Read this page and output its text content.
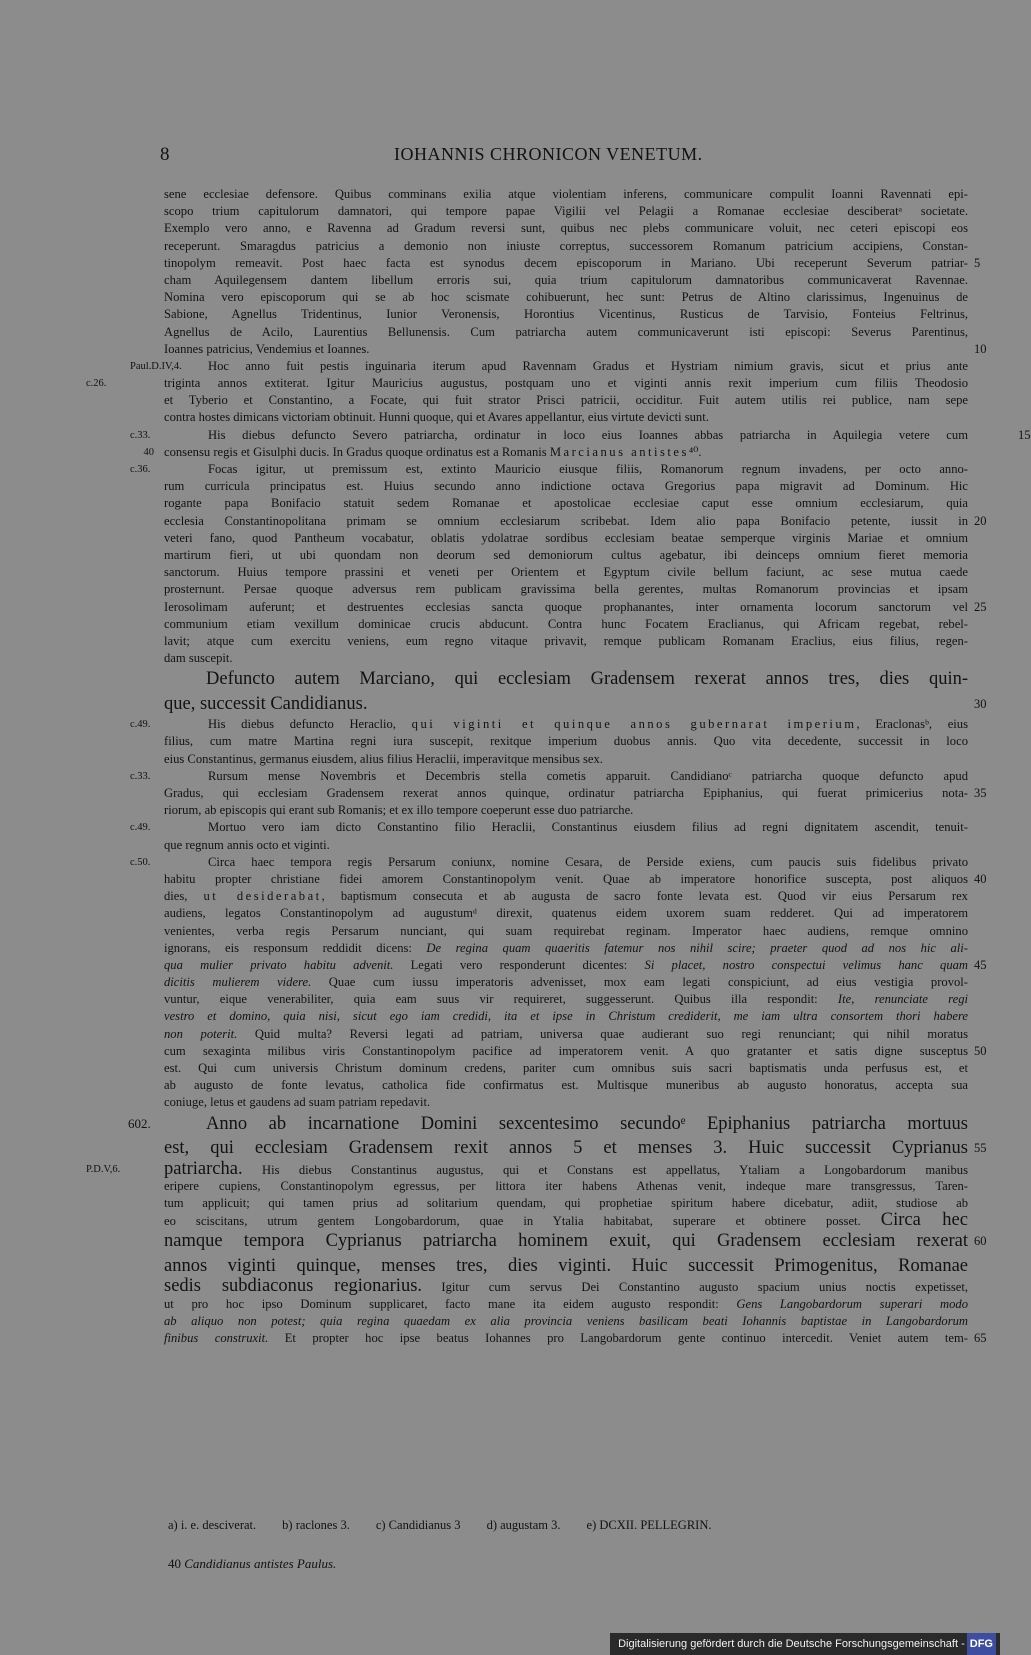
8	IOHANNIS CHRONICON VENETUM.
sene ecclesiae defensore. Quibus comminans exilia atque violentiam inferens, communicare compulit Ioanni Ravennati epi-
scopo trium capitulorum damnatori, qui tempore papae Vigilii vel Pelagii a Romanae ecclesiae desciberatᵃ societate.
Exemplo vero anno, e Ravenna ad Gradum reversi sunt, quibus nec plebs communicare voluit, nec ceteri episcopi eos
receperunt. Smaragdus patricius a demonio non iniuste correptus, successorem Romanum patricium accipiens, Constan-
tinopolym remeavit. Post haec facta est synodus decem episcoporum in Mariano. Ubi receperunt Severum patriar- 5
cham Aquilegensem dantem libellum erroris sui, quia trium capitulorum damnatoribus communicaverat Ravennae.
Nomina vero episcoporum qui se ab hoc scismate cohibuerunt, hec sunt: Petrus de Altino clarissimus, Ingenuinus de
Sabione, Agnellus Tridentinus, Iunior Veronensis, Horontius Vicentinus, Rusticus de Tarvisio, Fonteius Feltrinus,
Agnellus de Acilo, Laurentius Bellunensis. Cum patriarcha autem communicaverunt isti episcopi: Severus Parentinus,
Ioannes patricius, Vendemius et Ioannes.	10
Hoc anno fuit pestis inguinaria iterum apud Ravennam Gradus et Hystriam nimium gravis, sicut et prius ante
Paul.D.IV,4.
triginta annos extiterat. Igitur Mauricius augustus, postquam uno et viginti annis rexit imperium cum filiis Theodosio
c.26.
et Tyberio et Constantino, a Focate, qui fuit strator Prisci patricii, occiditur. Fuit autem utilis rei publice, nam sepe
contra hostes dimicans victoriam obtinuit. Hunni quoque, qui et Avares appellantur, eius virtute devicti sunt.
His diebus defuncto Severo patriarcha, ordinatur in loco eius Ioannes abbas patriarcha in Aquilegia vetere cum
c.33.	15
consensu regis et Gisulphi ducis. In Gradus quoque ordinatus est a Romanis Marcianus antistes⁴⁰.
40
Focas igitur, ut premissum est, extinto Mauricio eiusque filiis, Romanorum regnum invadens, per octo anno-
c.36.
rum curricula principatus est. Huius secundo anno indictione octava Gregorius papa migravit ad Dominum. Hic
rogante papa Bonifacio statuit sedem Romanae et apostolicae ecclesiae caput esse omnium ecclesiarum, quia
ecclesia Constantinopolitana primam se omnium ecclesiarum scribebat. Idem alio papa Bonifacio petente, iussit in 20
veteri fano, quod Pantheum vocabatur, oblatis ydolatrae sordibus ecclesiam beatae semperque virginis Mariae et omnium
martirum fieri, ut ubi quondam non deorum sed demoniorum cultus agebatur, ibi deinceps omnium fieret memoria
sanctorum. Huius tempore prassini et veneti per Orientem et Egyptum civile bellum faciunt, ac sese mutua caede
prosternunt. Persae quoque adversus rem publicam gravissima bella gerentes, multas Romanorum provincias et ipsam
Ierosolimam auferunt; et destruentes ecclesias sancta quoque prophanantes, inter ornamenta locorum sanctorum vel 25
communium etiam vexillum dominicae crucis abducunt. Contra hunc Focatem Eraclianus, qui Africam regebat, rebel-
lavit; atque cum exercitu veniens, eum regno vitaque privavit, remque publicam Romanam Eraclius, eius filius, regen-
dam suscepit.
Defuncto autem Marciano, qui ecclesiam Gradensem rexerat annos tres, dies quin-
que, successit Candidianus.	30
His diebus defuncto Heraclio, qui viginti et quinque annos gubernarat imperium, Eraclonasᵇ, eius
c.49.
filius, cum matre Martina regni iura suscepit, rexitque imperium duobus annis. Quo vita decedente, successit in loco
eius Constantinus, germanus eiusdem, alius filius Heraclii, imperavitque mensibus sex.
Rursum mense Novembris et Decembris stella cometis apparuit. Candidianoᶜ patriarcha quoque defuncto apud
c.33.
Gradus, qui ecclesiam Gradensem rexerat annos quinque, ordinatur patriarcha Epiphanius, qui fuerat primicerius nota- 35
riorum, ab episcopis qui erant sub Romanis; et ex illo tempore coeperunt esse duo patriarche.
Mortuo vero iam dicto Constantino filio Heraclii, Constantinus eiusdem filius ad regni dignitatem ascendit, tenuit-
c.49.
que regnum annis octo et viginti.
Circa haec tempora regis Persarum coniunx, nomine Cesara, de Perside exiens, cum paucis suis fidelibus privato
c.50.
habitu propter christiane fidei amorem Constantinopolym venit. Quae ab imperatore honorifice suscepta, post aliquos 40
dies, ut desiderabat, baptismum consecuta et ab augusta de sacro fonte levata est. Quod vir eius Persarum rex
audiens, legatos Constantinopolym ad augustumᵈ direxit, quatenus eidem uxorem suam redderet. Qui ad imperatorem
venientes, verba regis Persarum nunciant, qui suam requirebat reginam. Imperator haec audiens, remque omnino
ignorans, eis responsum reddidit dicens: De regina quam quaeritis fatemur nos nihil scire; praeter quod ad nos hic ali-
qua mulier privato habitu advenit. Legati vero responderunt dicentes: Si placet, nostro conspectui velimus hanc quam 45
dicitis mulierem videre. Quae cum iussu imperatoris advenisset, mox eam legati conspiciunt, ad eius vestigia provol-
vuntur, eique venerabiliter, quia eam suus vir requireret, suggesserunt. Quibus illa respondit: Ite, renunciate regi
vestro et domino, quia nisi, sicut ego iam credidi, ita et ipse in Christum crediderit, me iam ultra consortem thori habere
non poterit. Quid multa? Reversi legati ad patriam, universa quae audierant suo regi renunciant; qui nihil moratus
cum sexaginta milibus viris Constantinopolym pacifice ad imperatorem venit. A quo gratanter et satis digne susceptus 50
est. Qui cum universis Christum dominum credens, pariter cum omnibus suis sacri baptismatis unda perfusus est, et
ab augusto de fonte levatus, catholica fide confirmatus est. Multisque muneribus ab augusto honoratus, accepta sua
coniuge, letus et gaudens ad suam patriam repedavit.
Anno ab incarnatione Domini sexcentesimo secundoᵉ Epiphanius patriarcha mortuus
602.
est, qui ecclesiam Gradensem rexit annos 5 et menses 3. Huic successit Cyprianus 55
patriarcha. His diebus Constantinus augustus, qui et Constans est appellatus, Ytaliam a Longobardorum manibus
P.D.V,6.
eripere cupiens, Constantinopolym egressus, per littora iter habens Athenas venit, indeque mare transgressus, Taren-
tum applicuit; qui tamen prius ad solitarium quendam, qui prophetiae spiritum habere dicebatur, adiit, studiose ab
eo sciscitans, utrum gentem Longobardorum, quae in Ytalia habitabat, superare et obtinere posset. Circa hec
namque tempora Cyprianus patriarcha hominem exuit, qui Gradensem ecclesiam rexerat 60
annos viginti quinque, menses tres, dies viginti. Huic successit Primogenitus, Romanae
sedis subdiaconus regionarius. Igitur cum servus Dei Constantino augusto spacium unius noctis expetisset,
ut pro hoc ipso Dominum supplicaret, facto mane ita eidem augusto respondit: Gens Langobardorum superari modo
ab aliquo non potest; quia regina quaedam ex alia provincia veniens basilicam beati Iohannis baptistae in Langobardorum
finibus construxit. Et propter hoc ipse beatus Iohannes pro Langobardorum gente continuo intercedit. Veniet autem tem- 65
a) i. e. desciverat. b) raclones 3. c) Candidianus 3 d) augustam 3. e) DCXII. PELLEGRIN.
40 Candidianus antistes Paulus.
Digitalisierung gefördert durch die Deutsche Forschungsgemeinschaft - DFG
